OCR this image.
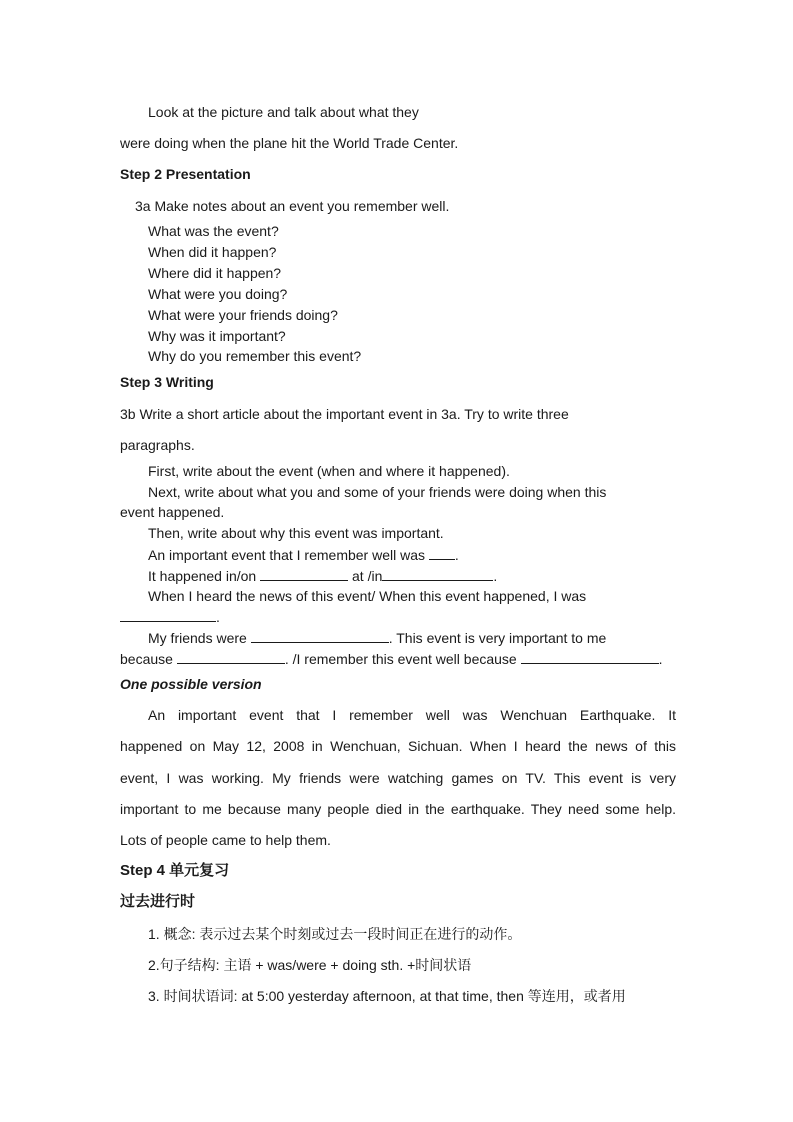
Look at the picture and talk about what they
were doing when the plane hit the World Trade Center.
Step 2 Presentation
3a Make notes about an event you remember well.
What was the event?
When did it happen?
Where did it happen?
What were you doing?
What were your friends doing?
Why was it important?
Why do you remember this event?
Step 3 Writing
3b Write a short article about the important event in 3a. Try to write three
paragraphs.
First, write about the event (when and where it happened).
Next, write about what you and some of your friends were doing when this
event happened.
Then, write about why this event was important.
An important event that I remember well was .
It happened in/on	at /in	.
When I heard the news of this event/ When this event happened, I was
.
My friends were	. This event is very important to me
because	. /I remember this event well because	.
One possible version
An important event that I remember well was Wenchuan Earthquake. It
happened on May 12, 2008 in Wenchuan, Sichuan. When I heard the news of this
event, I was working. My friends were watching games on TV. This event is very
important to me because many people died in the earthquake. They need some help.
Lots of people came to help them.
Step 4 单元复习
过去进行时
1. 概念: 表示过去某个时刻或过去一段时间正在进行的动作。
2.句子结构: 主语 + was/were + doing sth. +时间状语
3. 时间状语词: at 5:00 yesterday afternoon, at that time, then 等连用，或者用
